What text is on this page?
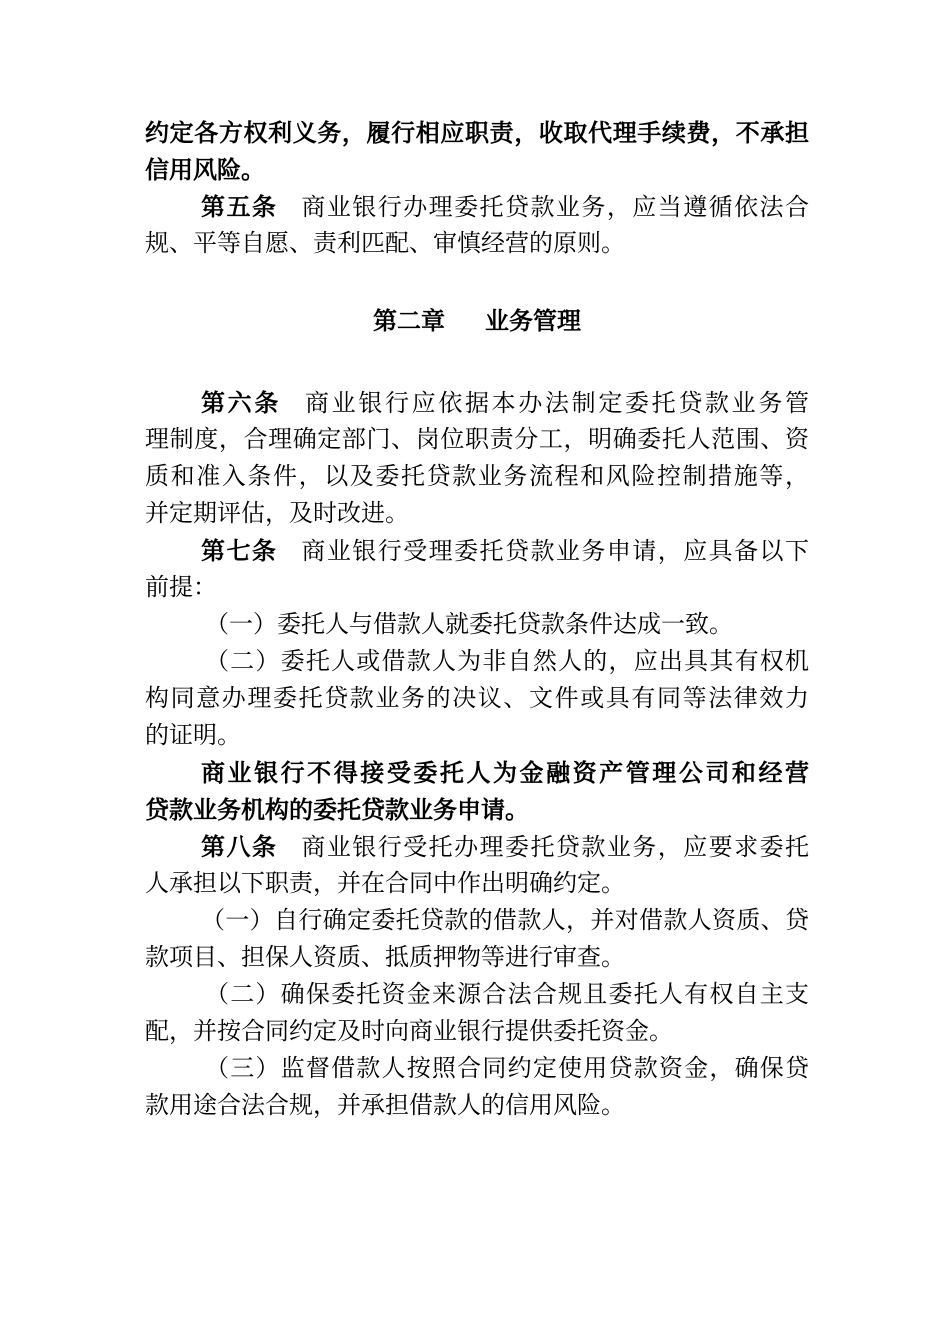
约定各方权利义务，履行相应职责，收取代理手续费，不承担
信用风险。
第五条 商业银行办理委托贷款业务，应当遵循依法合
规、平等自愿、责利匹配、审慎经营的原则。
第二章 业务管理
第六条 商业银行应依据本办法制定委托贷款业务管
理制度，合理确定部门、岗位职责分工，明确委托人范围、资
质和准入条件，以及委托贷款业务流程和风险控制措施等，
并定期评估，及时改进。
第七条 商业银行受理委托贷款业务申请，应具备以下
前提：
（一）委托人与借款人就委托贷款条件达成一致。
（二）委托人或借款人为非自然人的，应出具其有权机
构同意办理委托贷款业务的决议、文件或具有同等法律效力
的证明。
商业银行不得接受委托人为金融资产管理公司和经营
贷款业务机构的委托贷款业务申请。
第八条 商业银行受托办理委托贷款业务，应要求委托
人承担以下职责，并在合同中作出明确约定。
（一）自行确定委托贷款的借款人，并对借款人资质、贷
款项目、担保人资质、抵质押物等进行审查。
（二）确保委托资金来源合法合规且委托人有权自主支
配，并按合同约定及时向商业银行提供委托资金。
（三）监督借款人按照合同约定使用贷款资金，确保贷
款用途合法合规，并承担借款人的信用风险。
